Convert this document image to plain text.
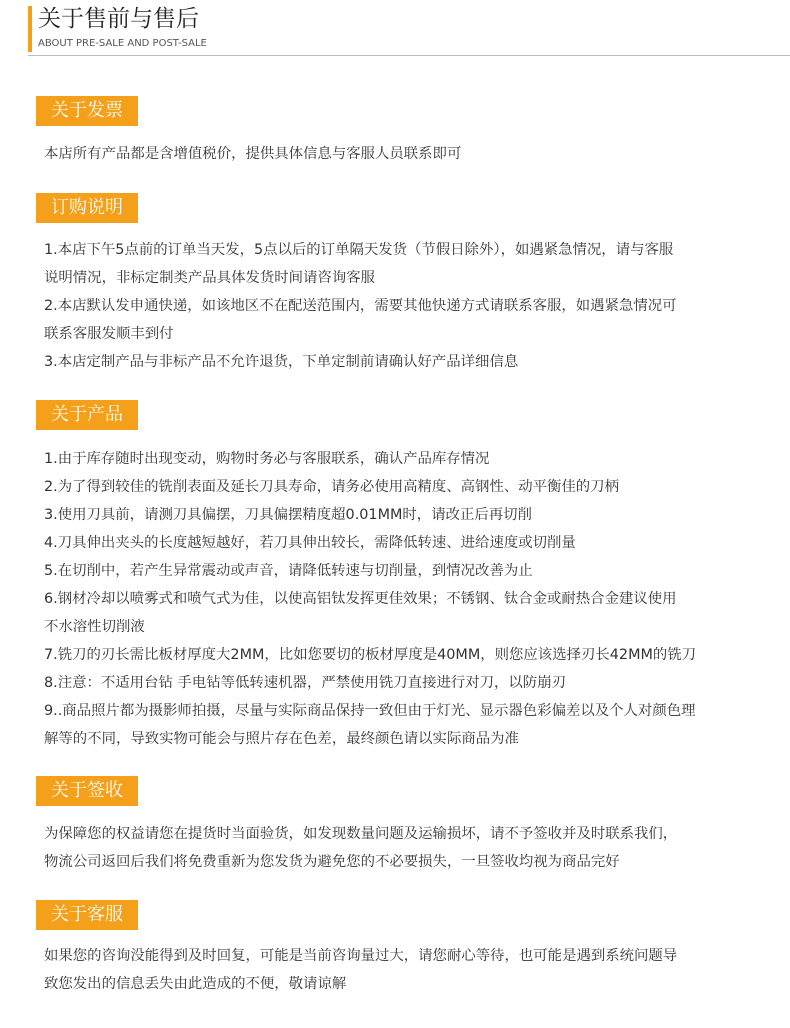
关于售前与售后
ABOUT PRE-SALE AND POST-SALE
关于发票
本店所有产品都是含增值税价，提供具体信息与客服人员联系即可
订购说明
1.本店下午5点前的订单当天发，5点以后的订单隔天发货（节假日除外），如遇紧急情况，请与客服
说明情况，非标定制类产品具体发货时间请咨询客服
2.本店默认发申通快递，如该地区不在配送范围内，需要其他快递方式请联系客服，如遇紧急情况可
联系客服发顺丰到付
3.本店定制产品与非标产品不允许退货，下单定制前请确认好产品详细信息
关于产品
1.由于库存随时出现变动，购物时务必与客服联系，确认产品库存情况
2.为了得到较佳的铣削表面及延长刀具寿命，请务必使用高精度、高钢性、动平衡佳的刀柄
3.使用刀具前，请测刀具偏摆，刀具偏摆精度超0.01MM时，请改正后再切削
4.刀具伸出夹头的长度越短越好，若刀具伸出较长，需降低转速、进给速度或切削量
5.在切削中，若产生异常震动或声音，请降低转速与切削量，到情况改善为止
6.钢材冷却以喷雾式和喷气式为佳，以使高铝钛发挥更佳效果；不锈钢、钛合金或耐热合金建议使用
不水溶性切削液
7.铣刀的刃长需比板材厚度大2MM，比如您要切的板材厚度是40MM，则您应该选择刃长42MM的铣刀
8.注意：不适用台钻 手电钻等低转速机器，严禁使用铣刀直接进行对刀，以防崩刃
9..商品照片都为摄影师拍摄，尽量与实际商品保持一致但由于灯光、显示器色彩偏差以及个人对颜色理
解等的不同，导致实物可能会与照片存在色差，最终颜色请以实际商品为准
关于签收
为保障您的权益请您在提货时当面验货，如发现数量问题及运输损坏，请不予签收并及时联系我们，
物流公司返回后我们将免费重新为您发货为避免您的不必要损失，一旦签收均视为商品完好
关于客服
如果您的咨询没能得到及时回复，可能是当前咨询量过大，请您耐心等待，也可能是遇到系统问题导
致您发出的信息丢失由此造成的不便，敬请谅解
